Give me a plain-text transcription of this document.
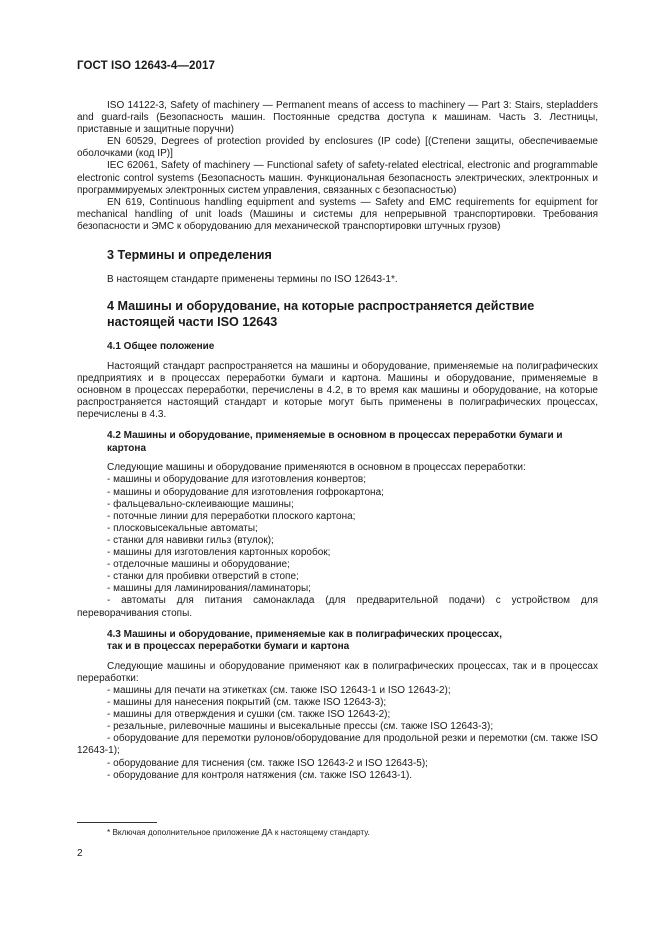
ГОСТ ISO 12643-4—2017

ISO 14122-3, Safety of machinery — Permanent means of access to machinery — Part 3: Stairs, stepladders and guard-rails (Безопасность машин. Постоянные средства доступа к машинам. Часть 3. Лестницы, приставные и защитные поручни)

EN 60529, Degrees of protection provided by enclosures (IP code) [(Степени защиты, обеспечиваемые оболочками (код IP)]

IEC 62061, Safety of machinery — Functional safety of safety-related electrical, electronic and programmable electronic control systems (Безопасность машин. Функциональная безопасность электрических, электронных и программируемых электронных систем управления, связанных с безопасностью)

EN 619, Continuous handling equipment and systems — Safety and EMC requirements for equipment for mechanical handling of unit loads (Машины и системы для непрерывной транспортировки. Требования безопасности и ЭМС к оборудованию для механической транспортировки штучных грузов)

3 Термины и определения

В настоящем стандарте применены термины по ISO 12643-1*.

4 Машины и оборудование, на которые распространяется действие настоящей части ISO 12643
4.1 Общее положение

Настоящий стандарт распространяется на машины и оборудование, применяемые на полиграфических предприятиях и в процессах переработки бумаги и картона. Машины и оборудование, применяемые в основном в процессах переработки, перечислены в 4.2, в то время как машины и оборудование, на которые распространяется настоящий стандарт и которые могут быть применены в полиграфических процессах, перечислены в 4.3.

4.2 Машины и оборудование, применяемые в основном в процессах переработки бумаги и картона

Следующие машины и оборудование применяются в основном в процессах переработки:

- машины и оборудование для изготовления конвертов;
- машины и оборудование для изготовления гофрокартона;
- фальцевально-склеивающие машины;
- поточные линии для переработки плоского картона;
- плосковысекальные автоматы;
- станки для навивки гильз (втулок);
- машины для изготовления картонных коробок;
- отделочные машины и оборудование;
- станки для пробивки отверстий в стопе;
- машины для ламинирования/ламинаторы;
- автоматы для питания самонаклада (для предварительной подачи) с устройством для переворачивания стопы.
4.3 Машины и оборудование, применяемые как в полиграфических процессах,
так и в процессах переработки бумаги и картона

Следующие машины и оборудование применяют как в полиграфических процессах, так и в процессах переработки:

- машины для печати на этикетках (см. также ISO 12643-1 и ISO 12643-2);
- машины для нанесения покрытий (см. также ISO 12643-3);
- машины для отверждения и сушки (см. также ISO 12643-2);
- резальные, рилевочные машины и высекальные прессы (см. также ISO 12643-3);
- оборудование для перемотки рулонов/оборудование для продольной резки и перемотки (см. также ISO 12643-1);
- оборудование для тиснения (см. также ISO 12643-2 и ISO 12643-5);
- оборудование для контроля натяжения (см. также ISO 12643-1).
* Включая дополнительное приложение ДА к настоящему стандарту.
2
